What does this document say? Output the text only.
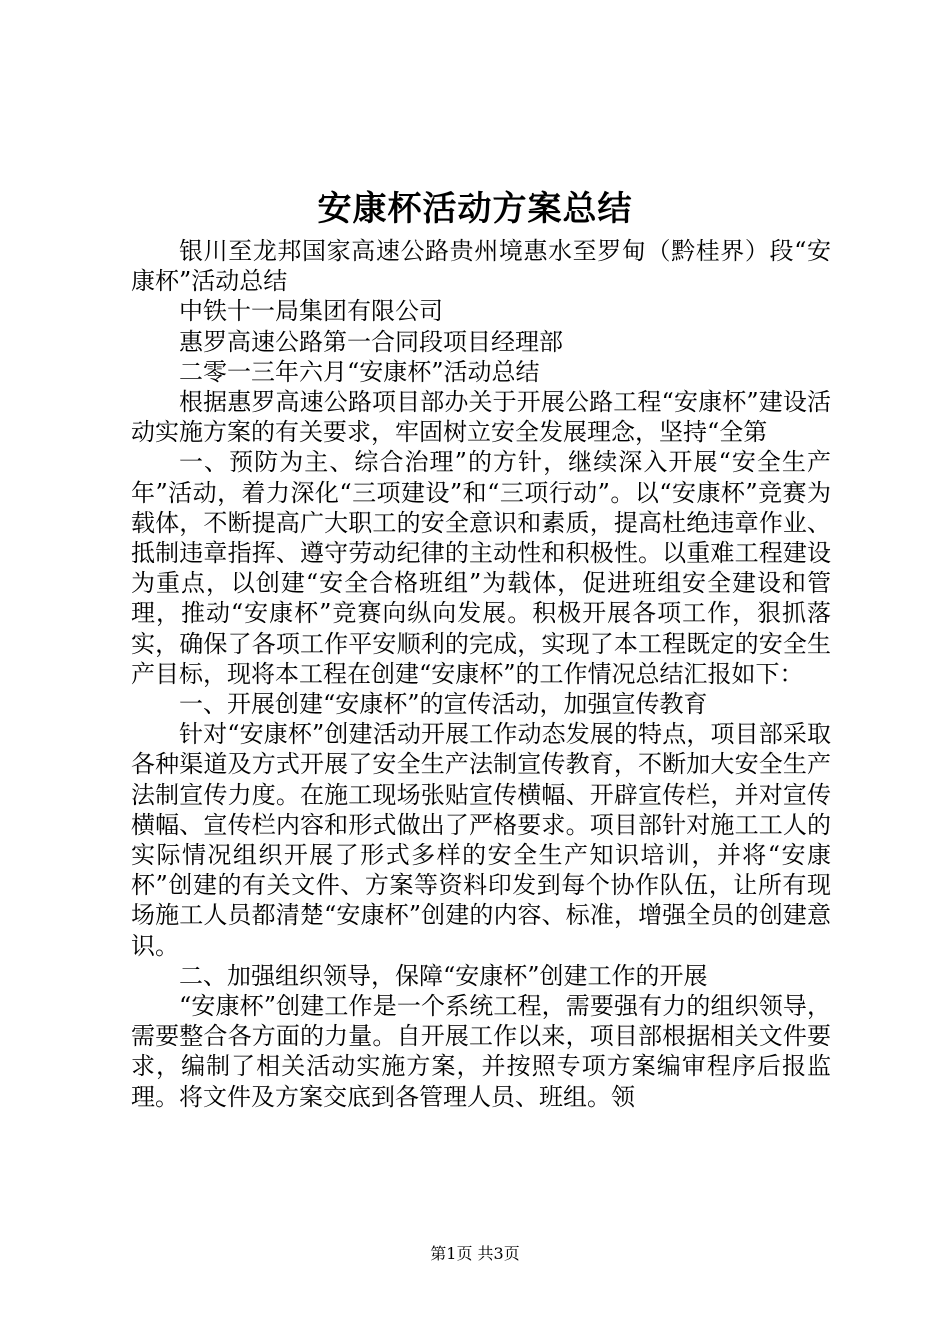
安康杯活动方案总结

银川至龙邦国家高速公路贵州境惠水至罗甸（黔桂界）段“安康杯”活动总结

中铁十一局集团有限公司

惠罗高速公路第一合同段项目经理部

二零一三年六月“安康杯”活动总结

根据惠罗高速公路项目部办关于开展公路工程“安康杯”建设活动实施方案的有关要求，牢固树立安全发展理念，坚持“全第

一、预防为主、综合治理”的方针，继续深入开展“安全生产年”活动，着力深化“三项建设”和“三项行动”。以“安康杯”竞赛为载体，不断提高广大职工的安全意识和素质，提高杜绝违章作业、抵制违章指挥、遵守劳动纪律的主动性和积极性。以重难工程建设为重点，以创建“安全合格班组”为载体，促进班组安全建设和管理，推动“安康杯”竞赛向纵向发展。积极开展各项工作，狠抓落实，确保了各项工作平安顺利的完成，实现了本工程既定的安全生产目标，现将本工程在创建“安康杯”的工作情况总结汇报如下：

一、开展创建“安康杯”的宣传活动，加强宣传教育

针对“安康杯”创建活动开展工作动态发展的特点，项目部采取各种渠道及方式开展了安全生产法制宣传教育，不断加大安全生产法制宣传力度。在施工现场张贴宣传横幅、开辟宣传栏，并对宣传横幅、宣传栏内容和形式做出了严格要求。项目部针对施工工人的实际情况组织开展了形式多样的安全生产知识培训，并将“安康杯”创建的有关文件、方案等资料印发到每个协作队伍，让所有现场施工人员都清楚“安康杯”创建的内容、标准，增强全员的创建意识。

二、加强组织领导，保障“安康杯”创建工作的开展

“安康杯”创建工作是一个系统工程，需要强有力的组织领导，需要整合各方面的力量。自开展工作以来，项目部根据相关文件要求，编制了相关活动实施方案，并按照专项方案编审程序后报监理。将文件及方案交底到各管理人员、班组。领

第1页 共3页
